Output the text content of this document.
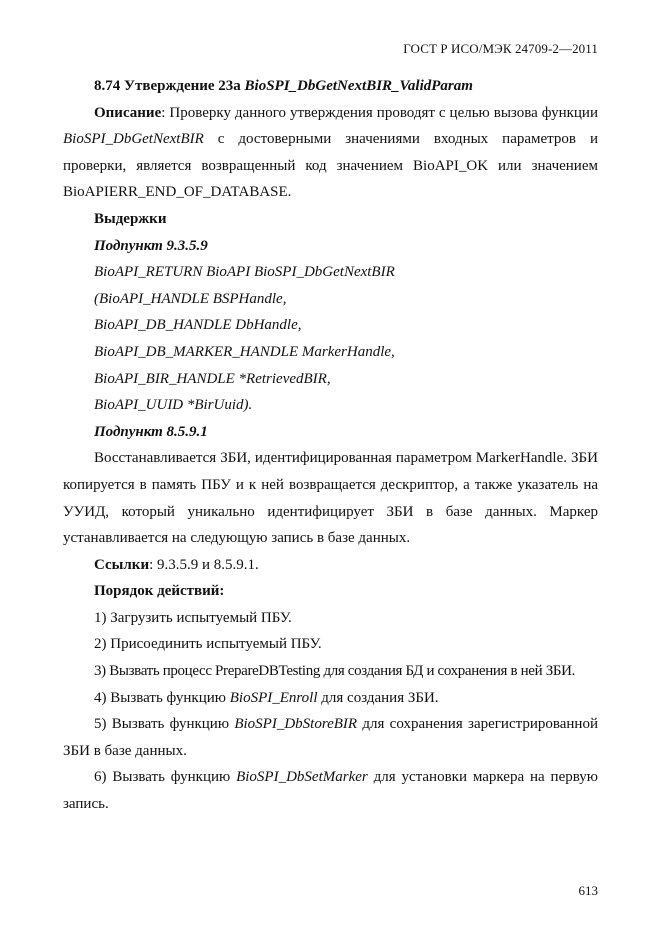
ГОСТ Р ИСО/МЭК 24709-2—2011

8.74 Утверждение 23а BioSPI_DbGetNextBIR_ValidParam

Описание: Проверку данного утверждения проводят с целью вызова функции BioSPI_DbGetNextBIR с достоверными значениями входных параметров и проверки, является возвращенный код значением BioAPI_OK или значением BioAPIERR_END_OF_DATABASE.

Выдержки

Подпункт 9.3.5.9

BioAPI_RETURN BioAPI BioSPI_DbGetNextBIR

(BioAPI_HANDLE BSPHandle,

BioAPI_DB_HANDLE DbHandle,

BioAPI_DB_MARKER_HANDLE MarkerHandle,

BioAPI_BIR_HANDLE *RetrievedBIR,

BioAPI_UUID *BirUuid).

Подпункт 8.5.9.1

Восстанавливается ЗБИ, идентифицированная параметром MarkerHandle. ЗБИ копируется в память ПБУ и к ней возвращается дескриптор, а также указатель на УУИД, который уникально идентифицирует ЗБИ в базе данных. Маркер устанавливается на следующую запись в базе данных.

Ссылки: 9.3.5.9 и 8.5.9.1.

Порядок действий:

1) Загрузить испытуемый ПБУ.

2) Присоединить испытуемый ПБУ.

3) Вызвать процесс PrepareDBTesting для создания БД и сохранения в ней ЗБИ.

4) Вызвать функцию BioSPI_Enroll для создания ЗБИ.

5) Вызвать функцию BioSPI_DbStoreBIR для сохранения зарегистрированной ЗБИ в базе данных.

6) Вызвать функцию BioSPI_DbSetMarker для установки маркера на первую запись.

613
